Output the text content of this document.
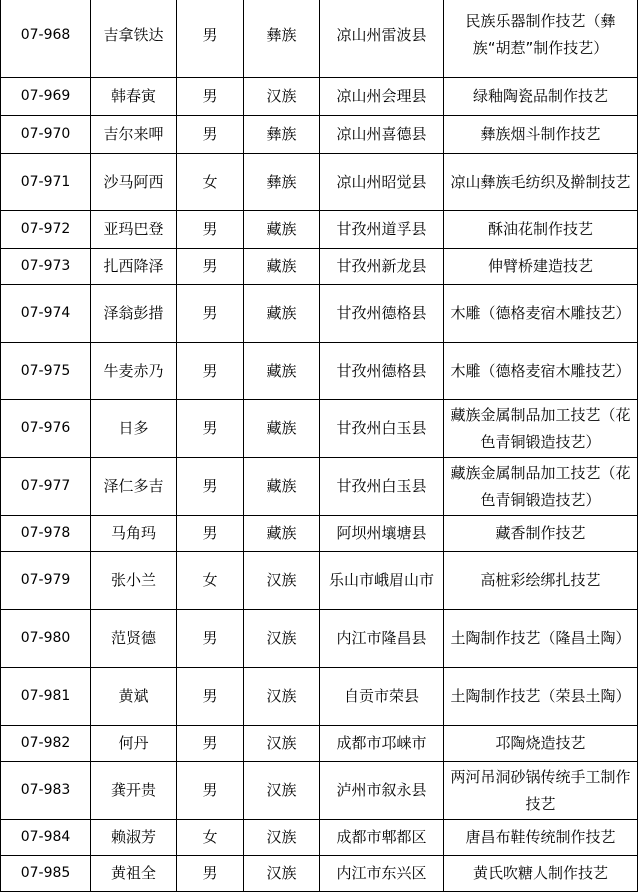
07-968	吉拿铁达	男	彝族	凉山州雷波县	民族乐器制作技艺（彝族“胡惹”制作技艺）
07-969	韩春寅	男	汉族	凉山州会理县	绿釉陶瓷品制作技艺
07-970	吉尔来呷	男	彝族	凉山州喜德县	彝族烟斗制作技艺
07-971	沙马阿西	女	彝族	凉山州昭觉县	凉山彝族毛纺织及擀制技艺
07-972	亚玛巴登	男	藏族	甘孜州道孚县	酥油花制作技艺
07-973	扎西降泽	男	藏族	甘孜州新龙县	伸臂桥建造技艺
07-974	泽翁彭措	男	藏族	甘孜州德格县	木雕（德格麦宿木雕技艺）
07-975	牛麦赤乃	男	藏族	甘孜州德格县	木雕（德格麦宿木雕技艺）
07-976	日多	男	藏族	甘孜州白玉县	藏族金属制品加工技艺（花色青铜锻造技艺）
07-977	泽仁多吉	男	藏族	甘孜州白玉县	藏族金属制品加工技艺（花色青铜锻造技艺）
07-978	马角玛	男	藏族	阿坝州壤塘县	藏香制作技艺
07-979	张小兰	女	汉族	乐山市峨眉山市	高桩彩绘绑扎技艺
07-980	范贤德	男	汉族	内江市隆昌县	土陶制作技艺（隆昌土陶）
07-981	黄斌	男	汉族	自贡市荣县	土陶制作技艺（荣县土陶）
07-982	何丹	男	汉族	成都市邛崃市	邛陶烧造技艺
07-983	龚开贵	男	汉族	泸州市叙永县	两河吊洞砂锅传统手工制作技艺
07-984	赖淑芳	女	汉族	成都市郫都区	唐昌布鞋传统制作技艺
07-985	黄祖全	男	汉族	内江市东兴区	黄氏吹糖人制作技艺
